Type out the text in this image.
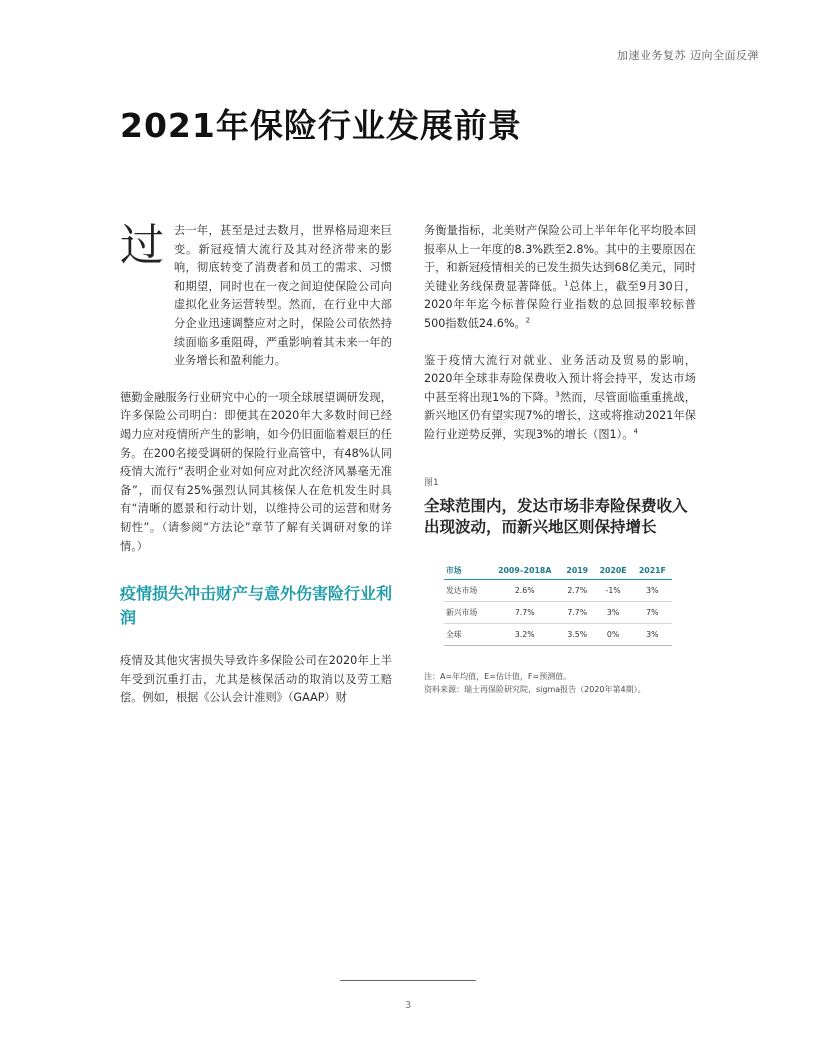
加速业务复苏 迈向全面反弹
2021年保险行业发展前景
过 去一年，甚至是过去数月，世界格局迎来巨变。新冠疫情大流行及其对经济带来的影响，彻底转变了消费者和员工的需求、习惯和期望，同时也在一夜之间迫使保险公司向虚拟化业务运营转型。然而，在行业中大部分企业迅速调整应对之时，保险公司依然持续面临多重阻碍，严重影响着其未来一年的业务增长和盈利能力。

德勤金融服务行业研究中心的一项全球展望调研发现，许多保险公司明白：即便其在2020年大多数时间已经竭力应对疫情所产生的影响，如今仍旧面临着艰巨的任务。在200名接受调研的保险行业高管中，有48%认同疫情大流行“表明企业对如何应对此次经济风暴毫无准备”，而仅有25%强烈认同其核保人在危机发生时具有“清晰的愿景和行动计划，以维持公司的运营和财务韧性”。（请参阅“方法论”章节了解有关调研对象的详情。）

疫情损失冲击财产与意外伤害险行业利润

疫情及其他灾害损失导致许多保险公司在2020年上半年受到沉重打击，尤其是核保活动的取消以及劳工赔偿。例如，根据《公认会计准则》（GAAP）财

务衡量指标，北美财产保险公司上半年年化平均股本回报率从上一年度的8.3%跌至2.8%。其中的主要原因在于，和新冠疫情相关的已发生损失达到68亿美元，同时关键业务线保费显著降低。$^1$总体上，截至9月30日，2020年年迄今标普保险行业指数的总回报率较标普500指数低24.6%。$^2$

鉴于疫情大流行对就业、业务活动及贸易的影响，2020年全球非寿险保费收入预计将会持平，发达市场中甚至将出现1%的下降。$^3$然而，尽管面临重重挑战，新兴地区仍有望实现7%的增长，这或将推动2021年保险行业逆势反弹，实现3%的增长（图1）。$^4$

图1
全球范围内，发达市场非寿险保费收入出现波动，而新兴地区则保持增长
市场	2009–2018A	2019	2020E	2021F
发达市场	2.6%	2.7%	-1%	3%
新兴市场	7.7%	7.7%	3%	7%
全球	3.2%	3.5%	0%	3%
注：A=年均值，E=估计值，F=预测值。
资料来源：瑞士再保险研究院，sigma报告（2020年第4期）。
3
